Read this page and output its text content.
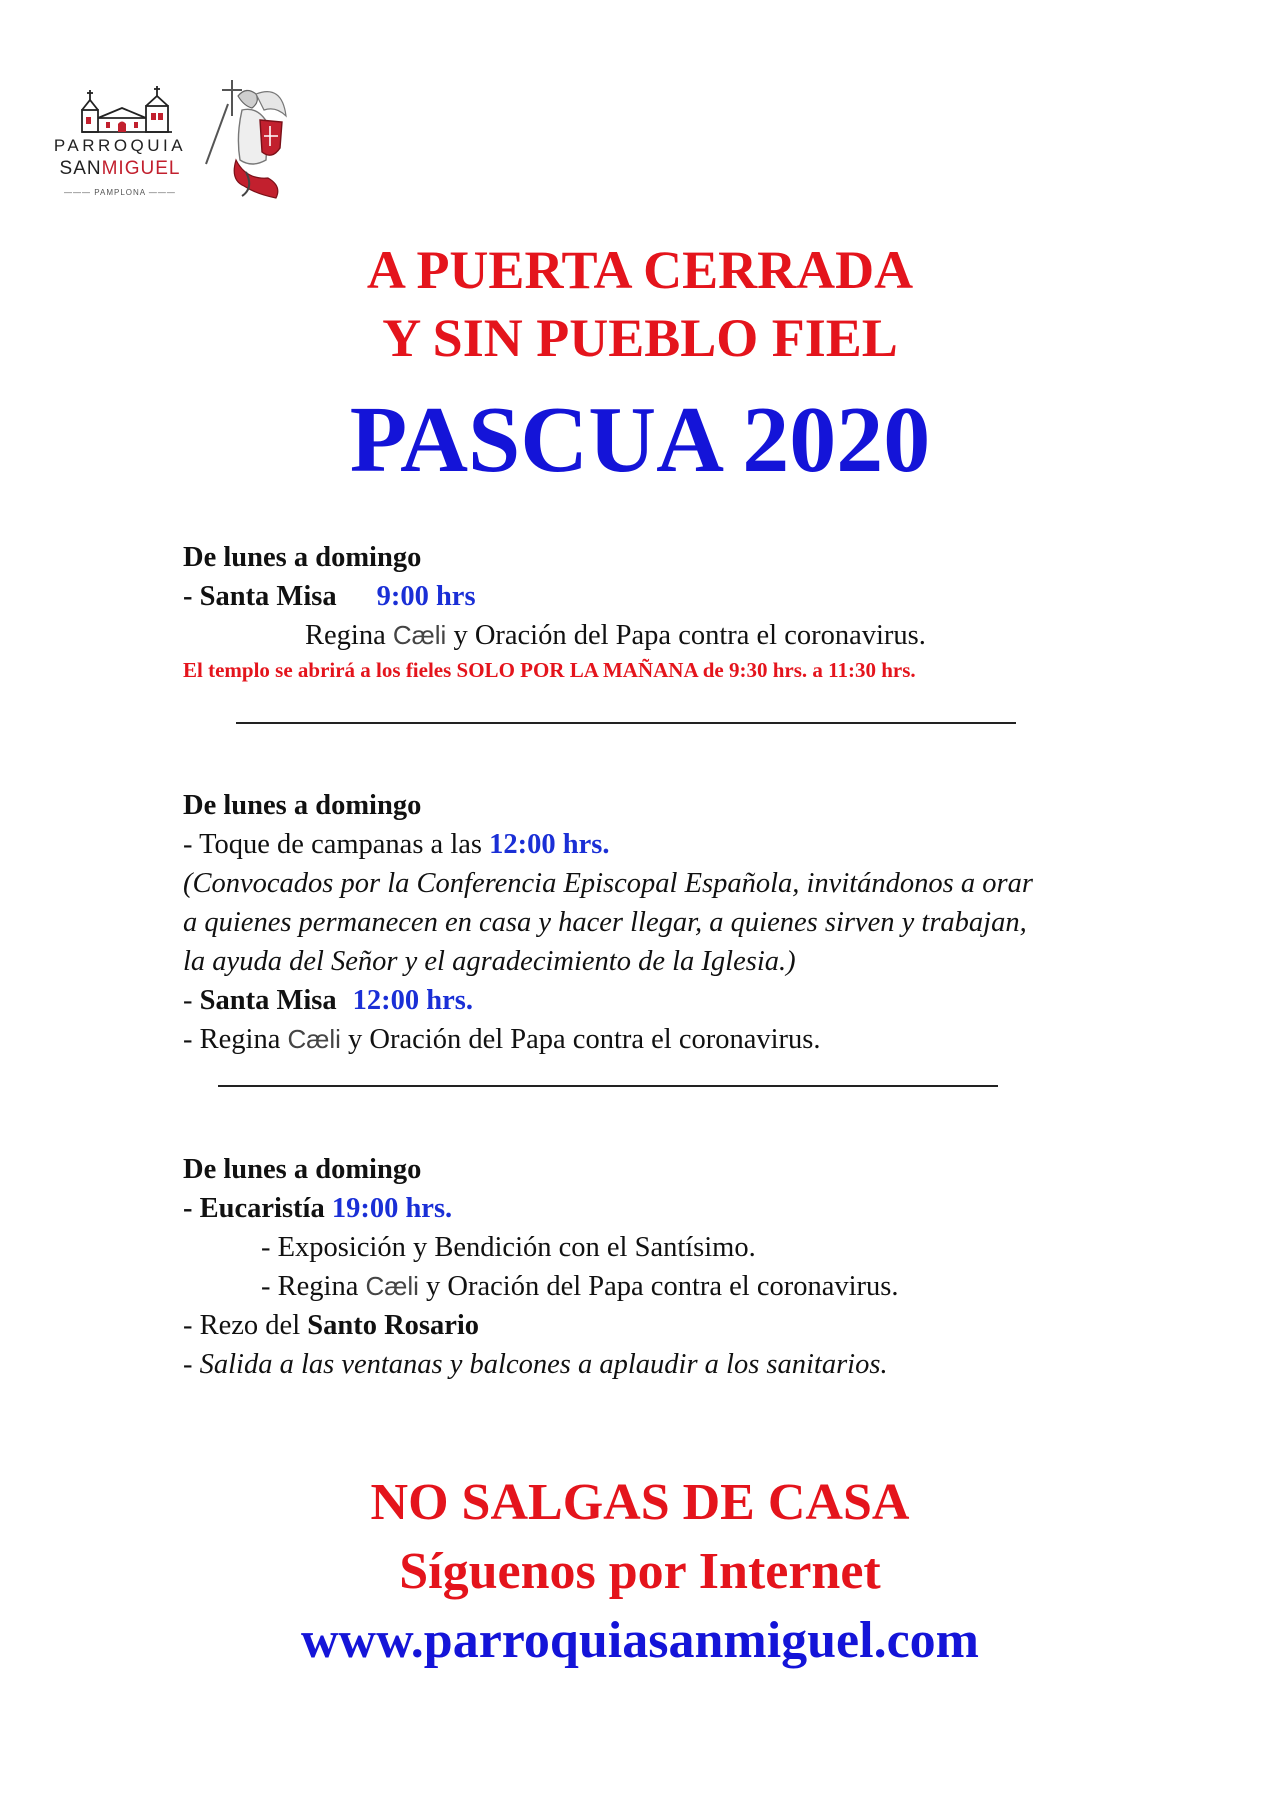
PARROQUIA
SANMIGUEL
——— PAMPLONA ———
A PUERTA CERRADA
Y SIN PUEBLO FIEL
PASCUA 2020
De lunes a domingo
- Santa Misa 9:00 hrs
Regina Cæli y Oración del Papa contra el coronavirus.
El templo se abrirá a los fieles SOLO POR LA MAÑANA de 9:30 hrs. a 11:30 hrs.
De lunes a domingo
- Toque de campanas a las 12:00 hrs.
(Convocados por la Conferencia Episcopal Española, invitándonos a orar
a quienes permanecen en casa y hacer llegar, a quienes sirven y trabajan,
la ayuda del Señor y el agradecimiento de la Iglesia.)
- Santa Misa 12:00 hrs.
- Regina Cæli y Oración del Papa contra el coronavirus.
De lunes a domingo
- Eucaristía 19:00 hrs.
- Exposición y Bendición con el Santísimo.
- Regina Cæli y Oración del Papa contra el coronavirus.
- Rezo del Santo Rosario
- Salida a las ventanas y balcones a aplaudir a los sanitarios.
NO SALGAS DE CASA
Síguenos por Internet
www.parroquiasanmiguel.com
